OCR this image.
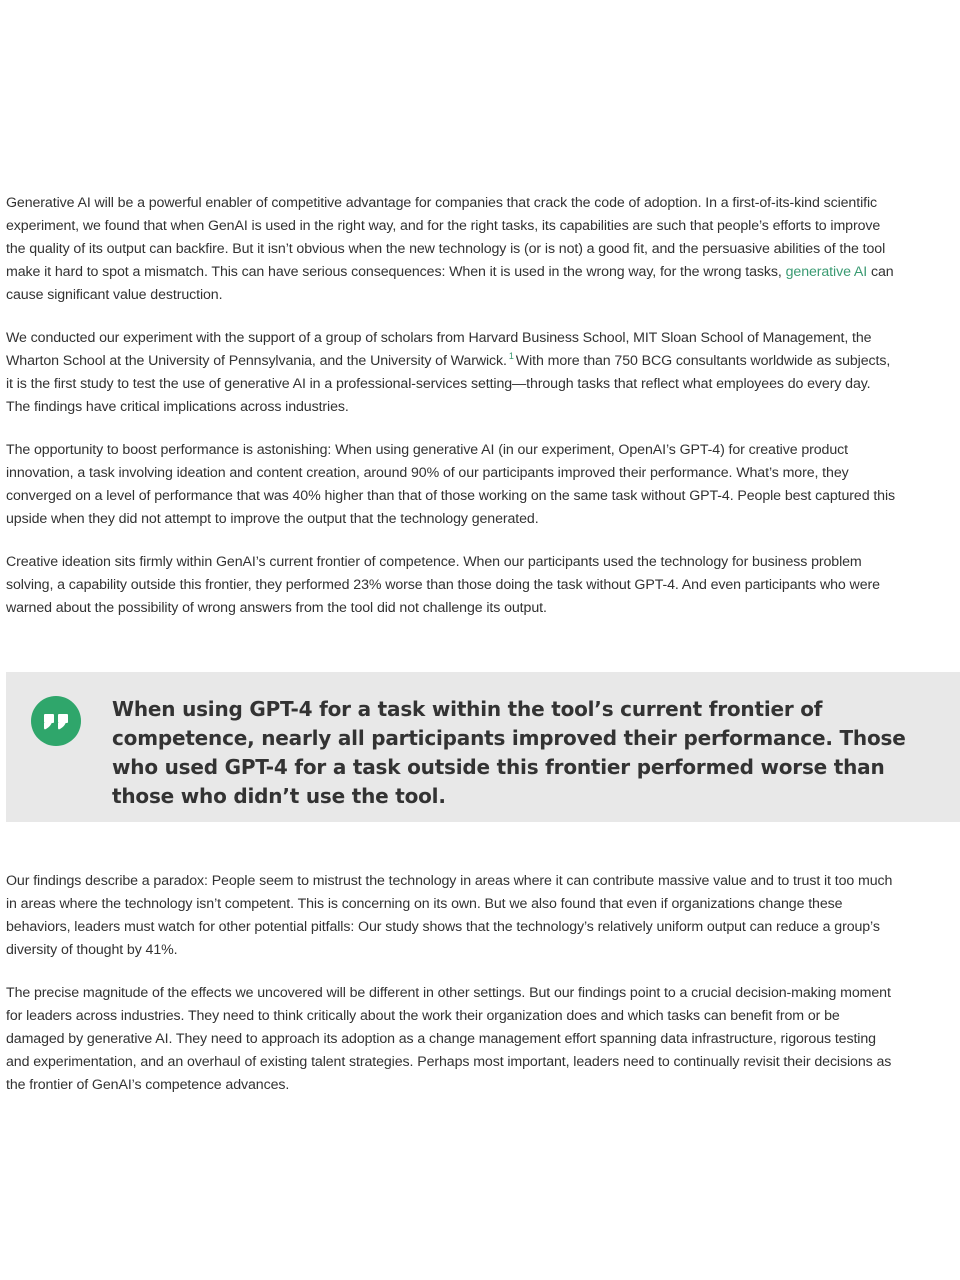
Generative AI will be a powerful enabler of competitive advantage for companies that crack the code of adoption. In a first-of-its-kind scientific experiment, we found that when GenAI is used in the right way, and for the right tasks, its capabilities are such that people’s efforts to improve the quality of its output can backfire. But it isn’t obvious when the new technology is (or is not) a good fit, and the persuasive abilities of the tool make it hard to spot a mismatch. This can have serious consequences: When it is used in the wrong way, for the wrong tasks, generative AI can cause significant value destruction.

We conducted our experiment with the support of a group of scholars from Harvard Business School, MIT Sloan School of Management, the Wharton School at the University of Pennsylvania, and the University of Warwick. $^1$ With more than 750 BCG consultants worldwide as subjects, it is the first study to test the use of generative AI in a professional-services setting—through tasks that reflect what employees do every day. The findings have critical implications across industries.

The opportunity to boost performance is astonishing: When using generative AI (in our experiment, OpenAI’s GPT-4) for creative product innovation, a task involving ideation and content creation, around 90% of our participants improved their performance. What’s more, they converged on a level of performance that was 40% higher than that of those working on the same task without GPT-4. People best captured this upside when they did not attempt to improve the output that the technology generated.

Creative ideation sits firmly within GenAI’s current frontier of competence. When our participants used the technology for business problem solving, a capability outside this frontier, they performed 23% worse than those doing the task without GPT-4. And even participants who were warned about the possibility of wrong answers from the tool did not challenge its output.

When using GPT-4 for a task within the tool’s current frontier of competence, nearly all participants improved their performance. Those who used GPT-4 for a task outside this frontier performed worse than those who didn’t use the tool.

Our findings describe a paradox: People seem to mistrust the technology in areas where it can contribute massive value and to trust it too much in areas where the technology isn’t competent. This is concerning on its own. But we also found that even if organizations change these behaviors, leaders must watch for other potential pitfalls: Our study shows that the technology’s relatively uniform output can reduce a group’s diversity of thought by 41%.

The precise magnitude of the effects we uncovered will be different in other settings. But our findings point to a crucial decision-making moment for leaders across industries. They need to think critically about the work their organization does and which tasks can benefit from or be damaged by generative AI. They need to approach its adoption as a change management effort spanning data infrastructure, rigorous testing and experimentation, and an overhaul of existing talent strategies. Perhaps most important, leaders need to continually revisit their decisions as the frontier of GenAI’s competence advances.
